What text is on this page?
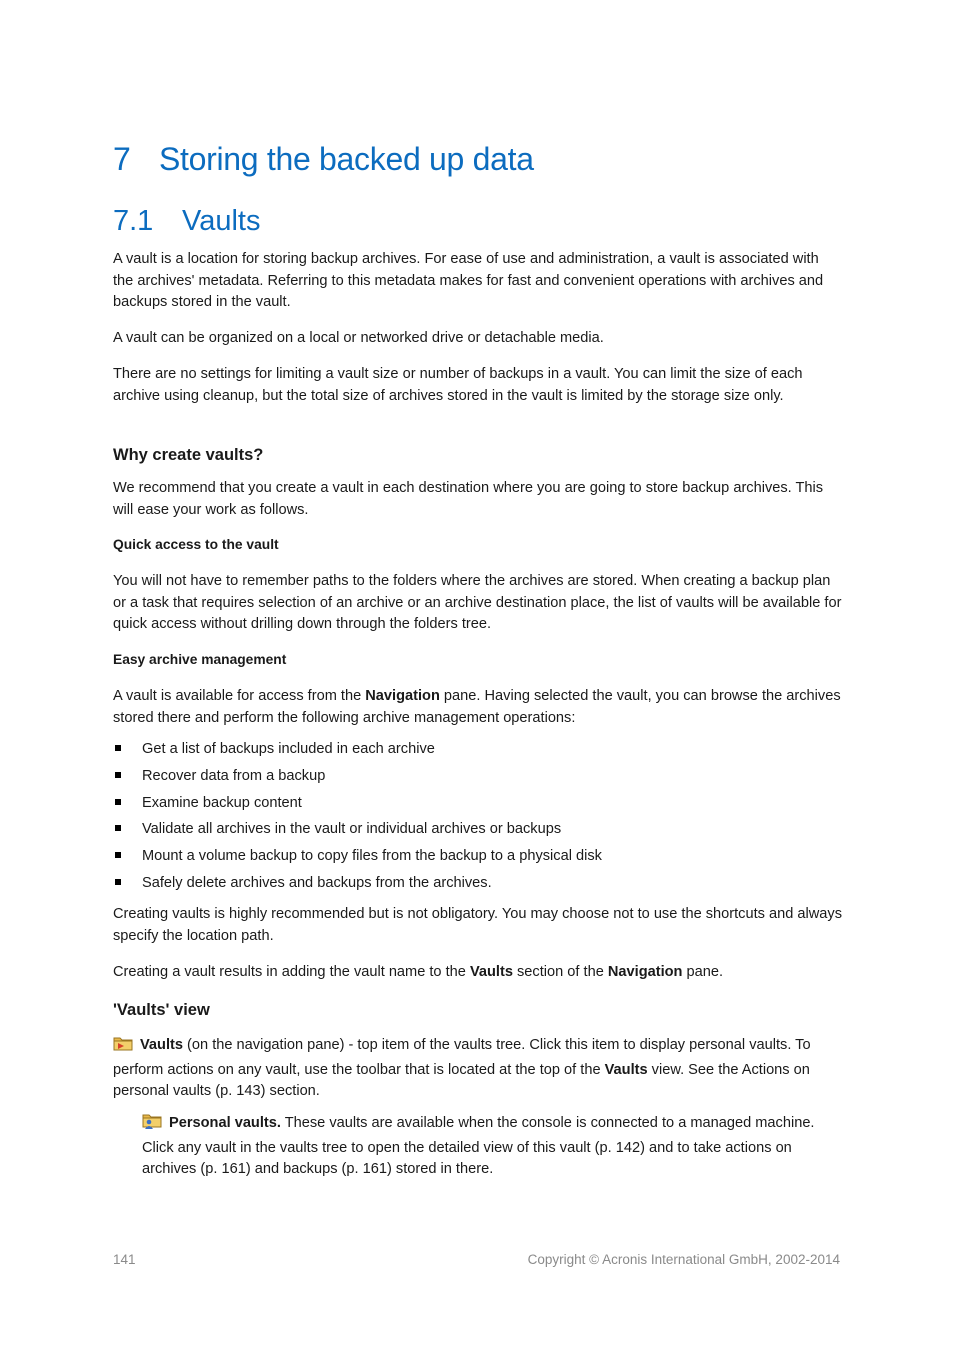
7 Storing the backed up data
7.1 Vaults

A vault is a location for storing backup archives. For ease of use and administration, a vault is associated with the archives' metadata. Referring to this metadata makes for fast and convenient operations with archives and backups stored in the vault.

A vault can be organized on a local or networked drive or detachable media.

There are no settings for limiting a vault size or number of backups in a vault. You can limit the size of each archive using cleanup, but the total size of archives stored in the vault is limited by the storage size only.

Why create vaults?

We recommend that you create a vault in each destination where you are going to store backup archives. This will ease your work as follows.

Quick access to the vault

You will not have to remember paths to the folders where the archives are stored. When creating a backup plan or a task that requires selection of an archive or an archive destination place, the list of vaults will be available for quick access without drilling down through the folders tree.

Easy archive management

A vault is available for access from the Navigation pane. Having selected the vault, you can browse the archives stored there and perform the following archive management operations:

Get a list of backups included in each archive
Recover data from a backup
Examine backup content
Validate all archives in the vault or individual archives or backups
Mount a volume backup to copy files from the backup to a physical disk
Safely delete archives and backups from the archives.

Creating vaults is highly recommended but is not obligatory. You may choose not to use the shortcuts and always specify the location path.

Creating a vault results in adding the vault name to the Vaults section of the Navigation pane.

'Vaults' view

Vaults (on the navigation pane) - top item of the vaults tree. Click this item to display personal vaults. To perform actions on any vault, use the toolbar that is located at the top of the Vaults view. See the Actions on personal vaults (p. 143) section.

Personal vaults. These vaults are available when the console is connected to a managed machine. Click any vault in the vaults tree to open the detailed view of this vault (p. 142) and to take actions on archives (p. 161) and backups (p. 161) stored in there.

141	Copyright © Acronis International GmbH, 2002-2014
